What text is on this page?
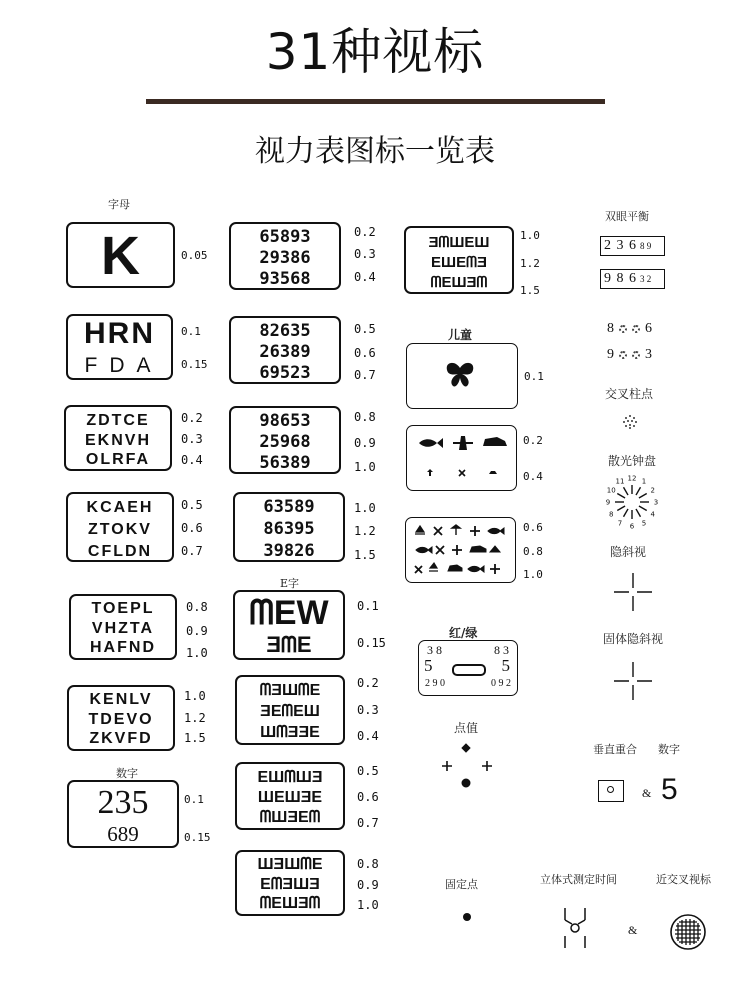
31种视标
视力表图标一览表
字母
K	0.05
HRN
FDA
0.1
0.15
ZDTCE
EKNVH
OLRFA
0.2
0.3
0.4
KCAEH
ZTOKV
CFLDN
0.5
0.6
0.7
TOEPL
VHZTA
HAFND
0.8
0.9
1.0
KENLV
TDEVO
ZKVFD
1.0
1.2
1.5
数字
235
689
0.1
0.15
65893
29386
93568
0.2
0.3
0.4
82635
26389
69523
0.5
0.6
0.7
98653
25968
56389
0.8
0.9
1.0
63589
86395
39826
1.0
1.2
1.5
E字
ᗰEW
ƎᗰE
0.1
0.15
ᗰƎШᗰE
ƎEᗰEШ
ШᗰƎƎE
0.2
0.3
0.4
EШᗰШƎ
ШEШƎE
ᗰШƎEᗰ
0.5
0.6
0.7
ШƎШᗰE
EᗰƎШƎ
ᗰEШƎᗰ
0.8
0.9
1.0
ƎᗰШEШ
EШEᗰƎ
ᗰEШƎᗰ
1.0
1.2
1.5
儿童
0.1
0.2
0.4
0.6
0.8
1.0
红/绿
3 8	8 3
5	5
2 9 0	0 9 2
点值
固定点
双眼平衡
2 3 6 8 9
9 8 6 3 2
8 6
9 3
交叉柱点
散光钟盘
12 1
2
3
4
5
6
7
8
9
10
11
隐斜视
固体隐斜视
垂直重合 数字
& 5
立体式测定时间	近交叉视标
&
